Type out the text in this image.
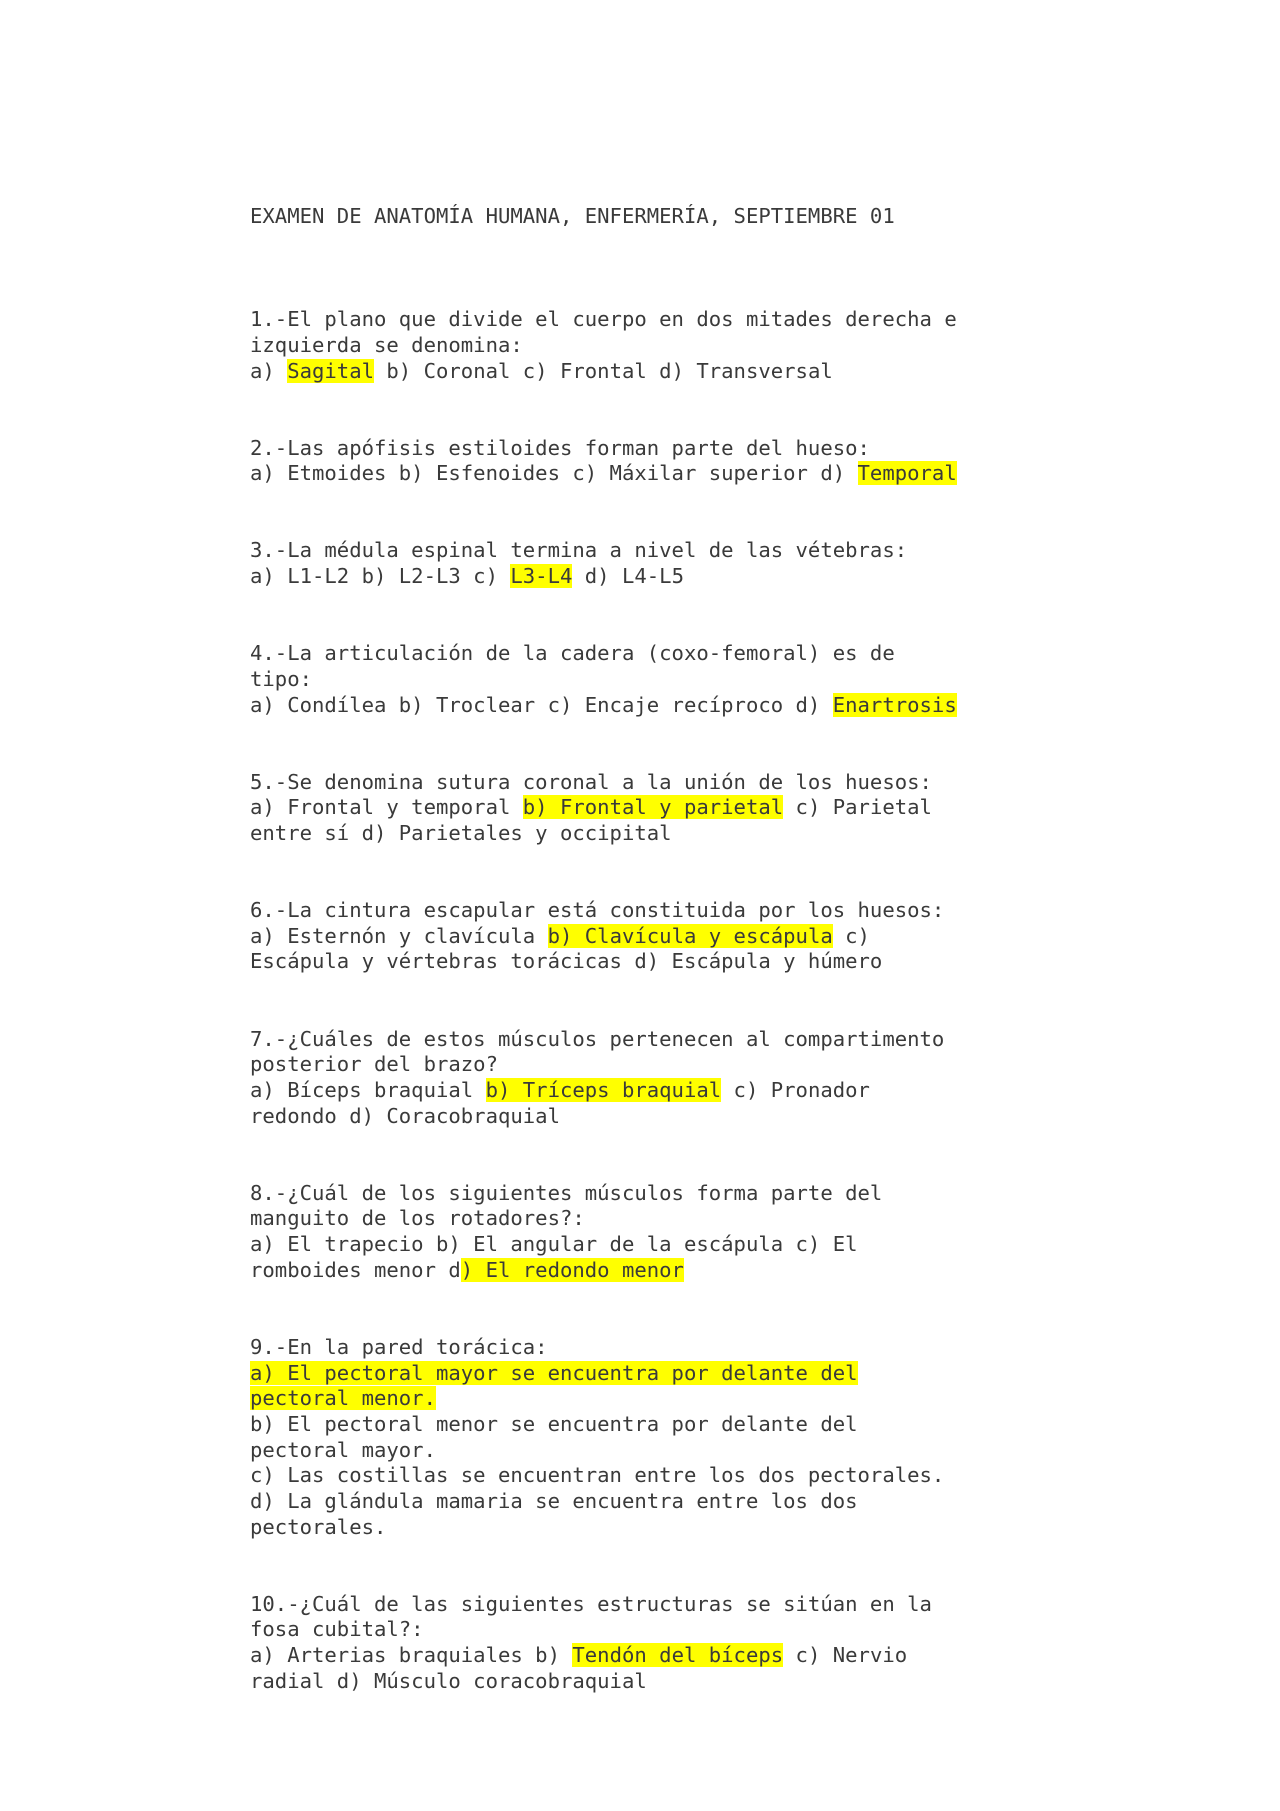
EXAMEN DE ANATOMÍA HUMANA, ENFERMERÍA, SEPTIEMBRE 01

1.-El plano que divide el cuerpo en dos mitades derecha e
izquierda se denomina:
a) Sagital b) Coronal c) Frontal d) Transversal
2.-Las apófisis estiloides forman parte del hueso:
a) Etmoides b) Esfenoides c) Máxilar superior d) Temporal
3.-La médula espinal termina a nivel de las vétebras:
a) L1-L2 b) L2-L3 c) L3-L4 d) L4-L5
4.-La articulación de la cadera (coxo-femoral) es de
tipo:
a) Condílea b) Troclear c) Encaje recíproco d) Enartrosis
5.-Se denomina sutura coronal a la unión de los huesos:
a) Frontal y temporal b) Frontal y parietal c) Parietal
entre sí d) Parietales y occipital
6.-La cintura escapular está constituida por los huesos:
a) Esternón y clavícula b) Clavícula y escápula c)
Escápula y vértebras torácicas d) Escápula y húmero
7.-¿Cuáles de estos músculos pertenecen al compartimento
posterior del brazo?
a) Bíceps braquial b) Tríceps braquial c) Pronador
redondo d) Coracobraquial
8.-¿Cuál de los siguientes músculos forma parte del
manguito de los rotadores?:
a) El trapecio b) El angular de la escápula c) El
romboides menor d) El redondo menor
9.-En la pared torácica:
a) El pectoral mayor se encuentra por delante del
pectoral menor.
b) El pectoral menor se encuentra por delante del
pectoral mayor.
c) Las costillas se encuentran entre los dos pectorales.
d) La glándula mamaria se encuentra entre los dos
pectorales.
10.-¿Cuál de las siguientes estructuras se sitúan en la
fosa cubital?:
a) Arterias braquiales b) Tendón del bíceps c) Nervio
radial d) Músculo coracobraquial
